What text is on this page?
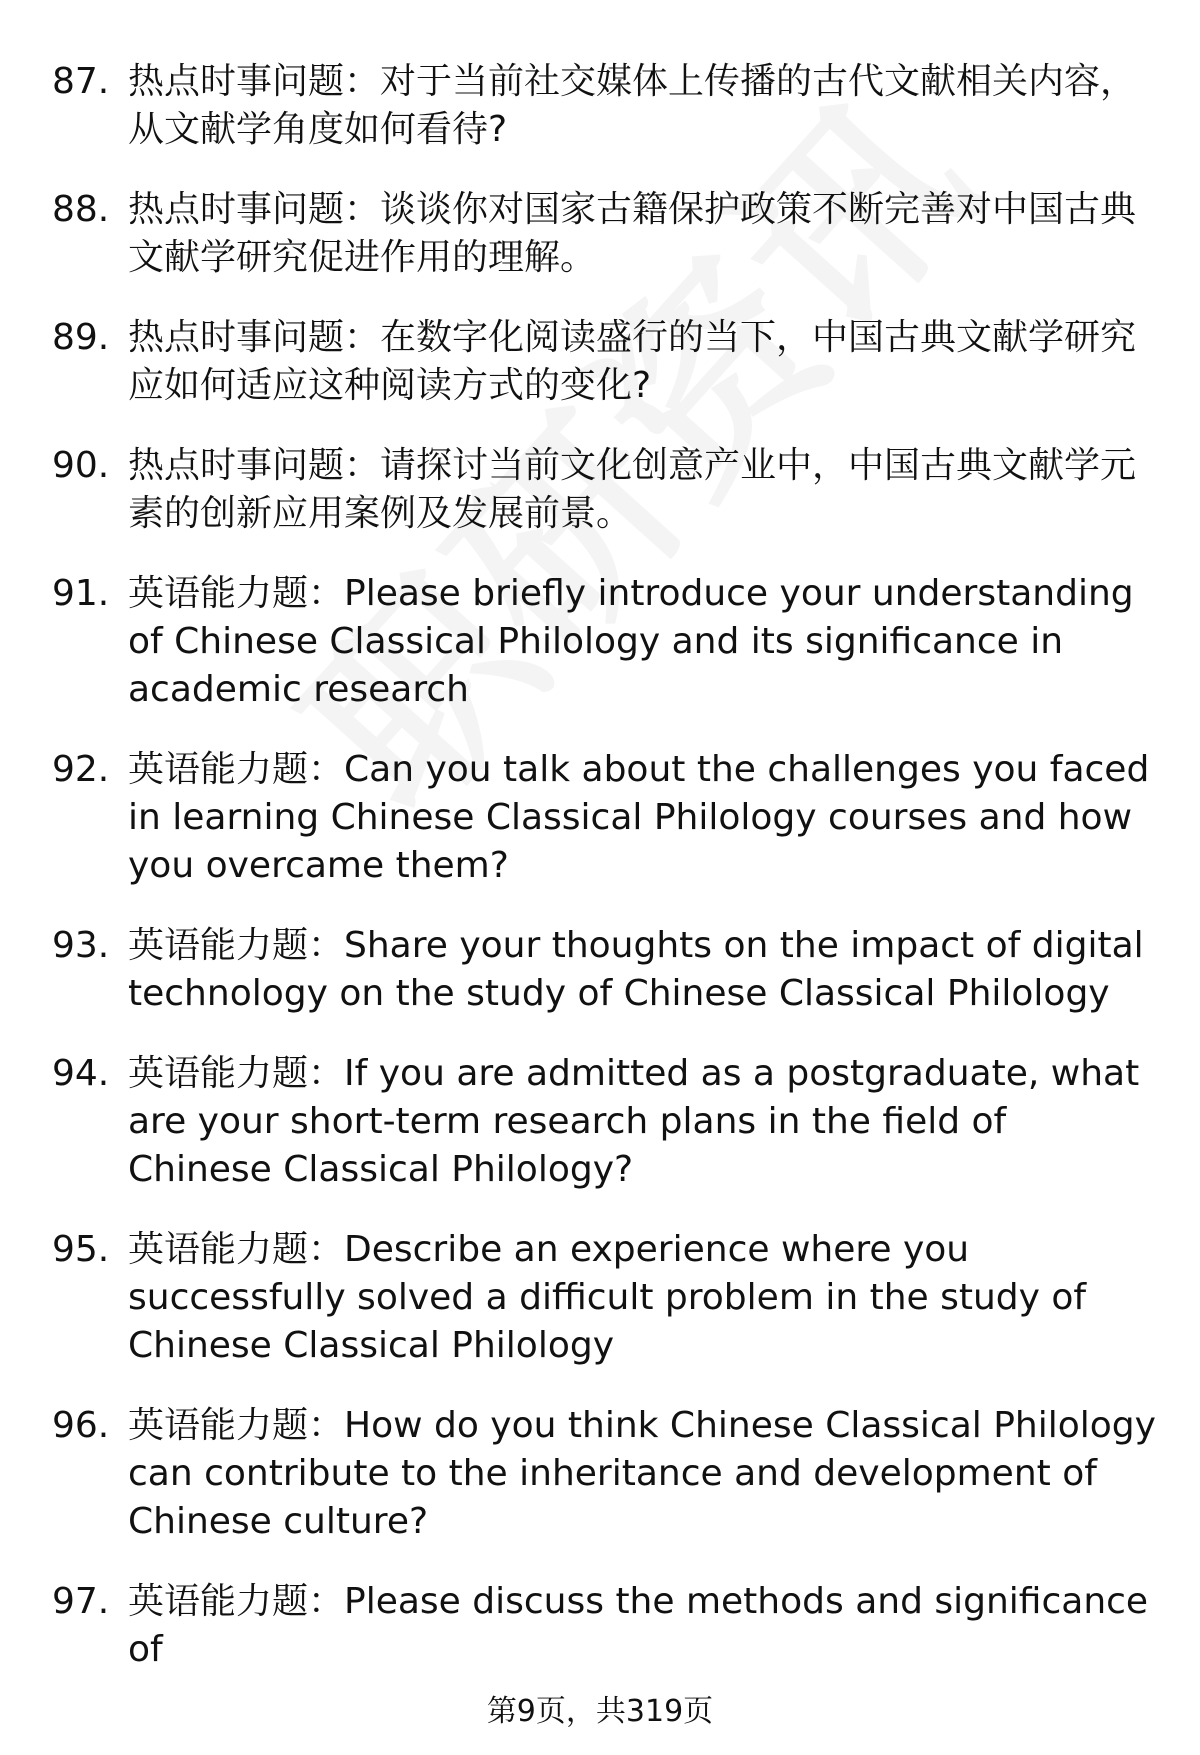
87. 热点时事问题：对于当前社交媒体上传播的古代文献相关内容，从文献学角度如何看待?
88. 热点时事问题：谈谈你对国家古籍保护政策不断完善对中国古典文献学研究促进作用的理解。
89. 热点时事问题：在数字化阅读盛行的当下，中国古典文献学研究应如何适应这种阅读方式的变化?
90. 热点时事问题：请探讨当前文化创意产业中，中国古典文献学元素的创新应用案例及发展前景。
91. 英语能力题：Please briefly introduce your understanding of Chinese Classical Philology and its significance in academic research
92. 英语能力题：Can you talk about the challenges you faced in learning Chinese Classical Philology courses and how you overcame them?
93. 英语能力题：Share your thoughts on the impact of digital technology on the study of Chinese Classical Philology
94. 英语能力题：If you are admitted as a postgraduate, what are your short-term research plans in the field of Chinese Classical Philology?
95. 英语能力题：Describe an experience where you successfully solved a difficult problem in the study of Chinese Classical Philology
96. 英语能力题：How do you think Chinese Classical Philology can contribute to the inheritance and development of Chinese culture?
97. 英语能力题：Please discuss the methods and significance of
第9页，共319页
